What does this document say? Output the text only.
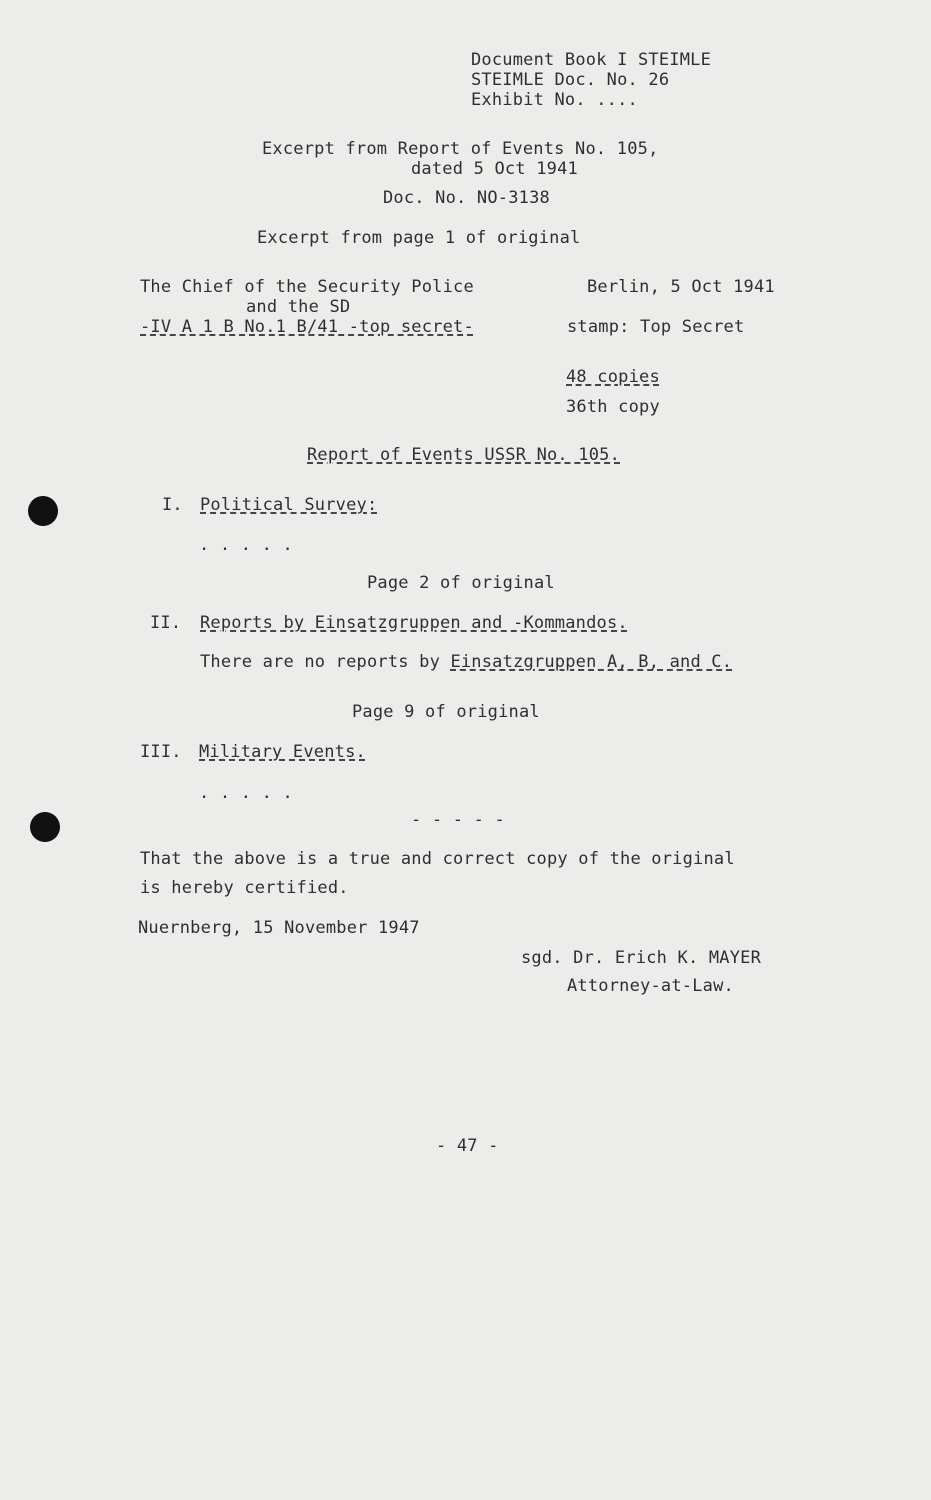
Document Book I STEIMLE
STEIMLE Doc. No. 26
Exhibit No. ....
Excerpt from Report of Events No. 105,
dated 5 Oct 1941
Doc. No. NO-3138
Excerpt from page 1 of original
The Chief of the Security Police
and the SD
-IV A 1 B No.1 B/41 -top secret-
Berlin, 5 Oct 1941
stamp: Top Secret
48 copies
36th copy
Report of Events USSR No. 105.
I. Political Survey:
. . . . .
Page 2 of original
II. Reports by Einsatzgruppen and -Kommandos.
There are no reports by Einsatzgruppen A, B, and C.
Page 9 of original
III. Military Events.
. . . . .
- - - - -
That the above is a true and correct copy of the original
is hereby certified.
Nuernberg, 15 November 1947
sgd. Dr. Erich K. MAYER
Attorney-at-Law.
- 47 -
